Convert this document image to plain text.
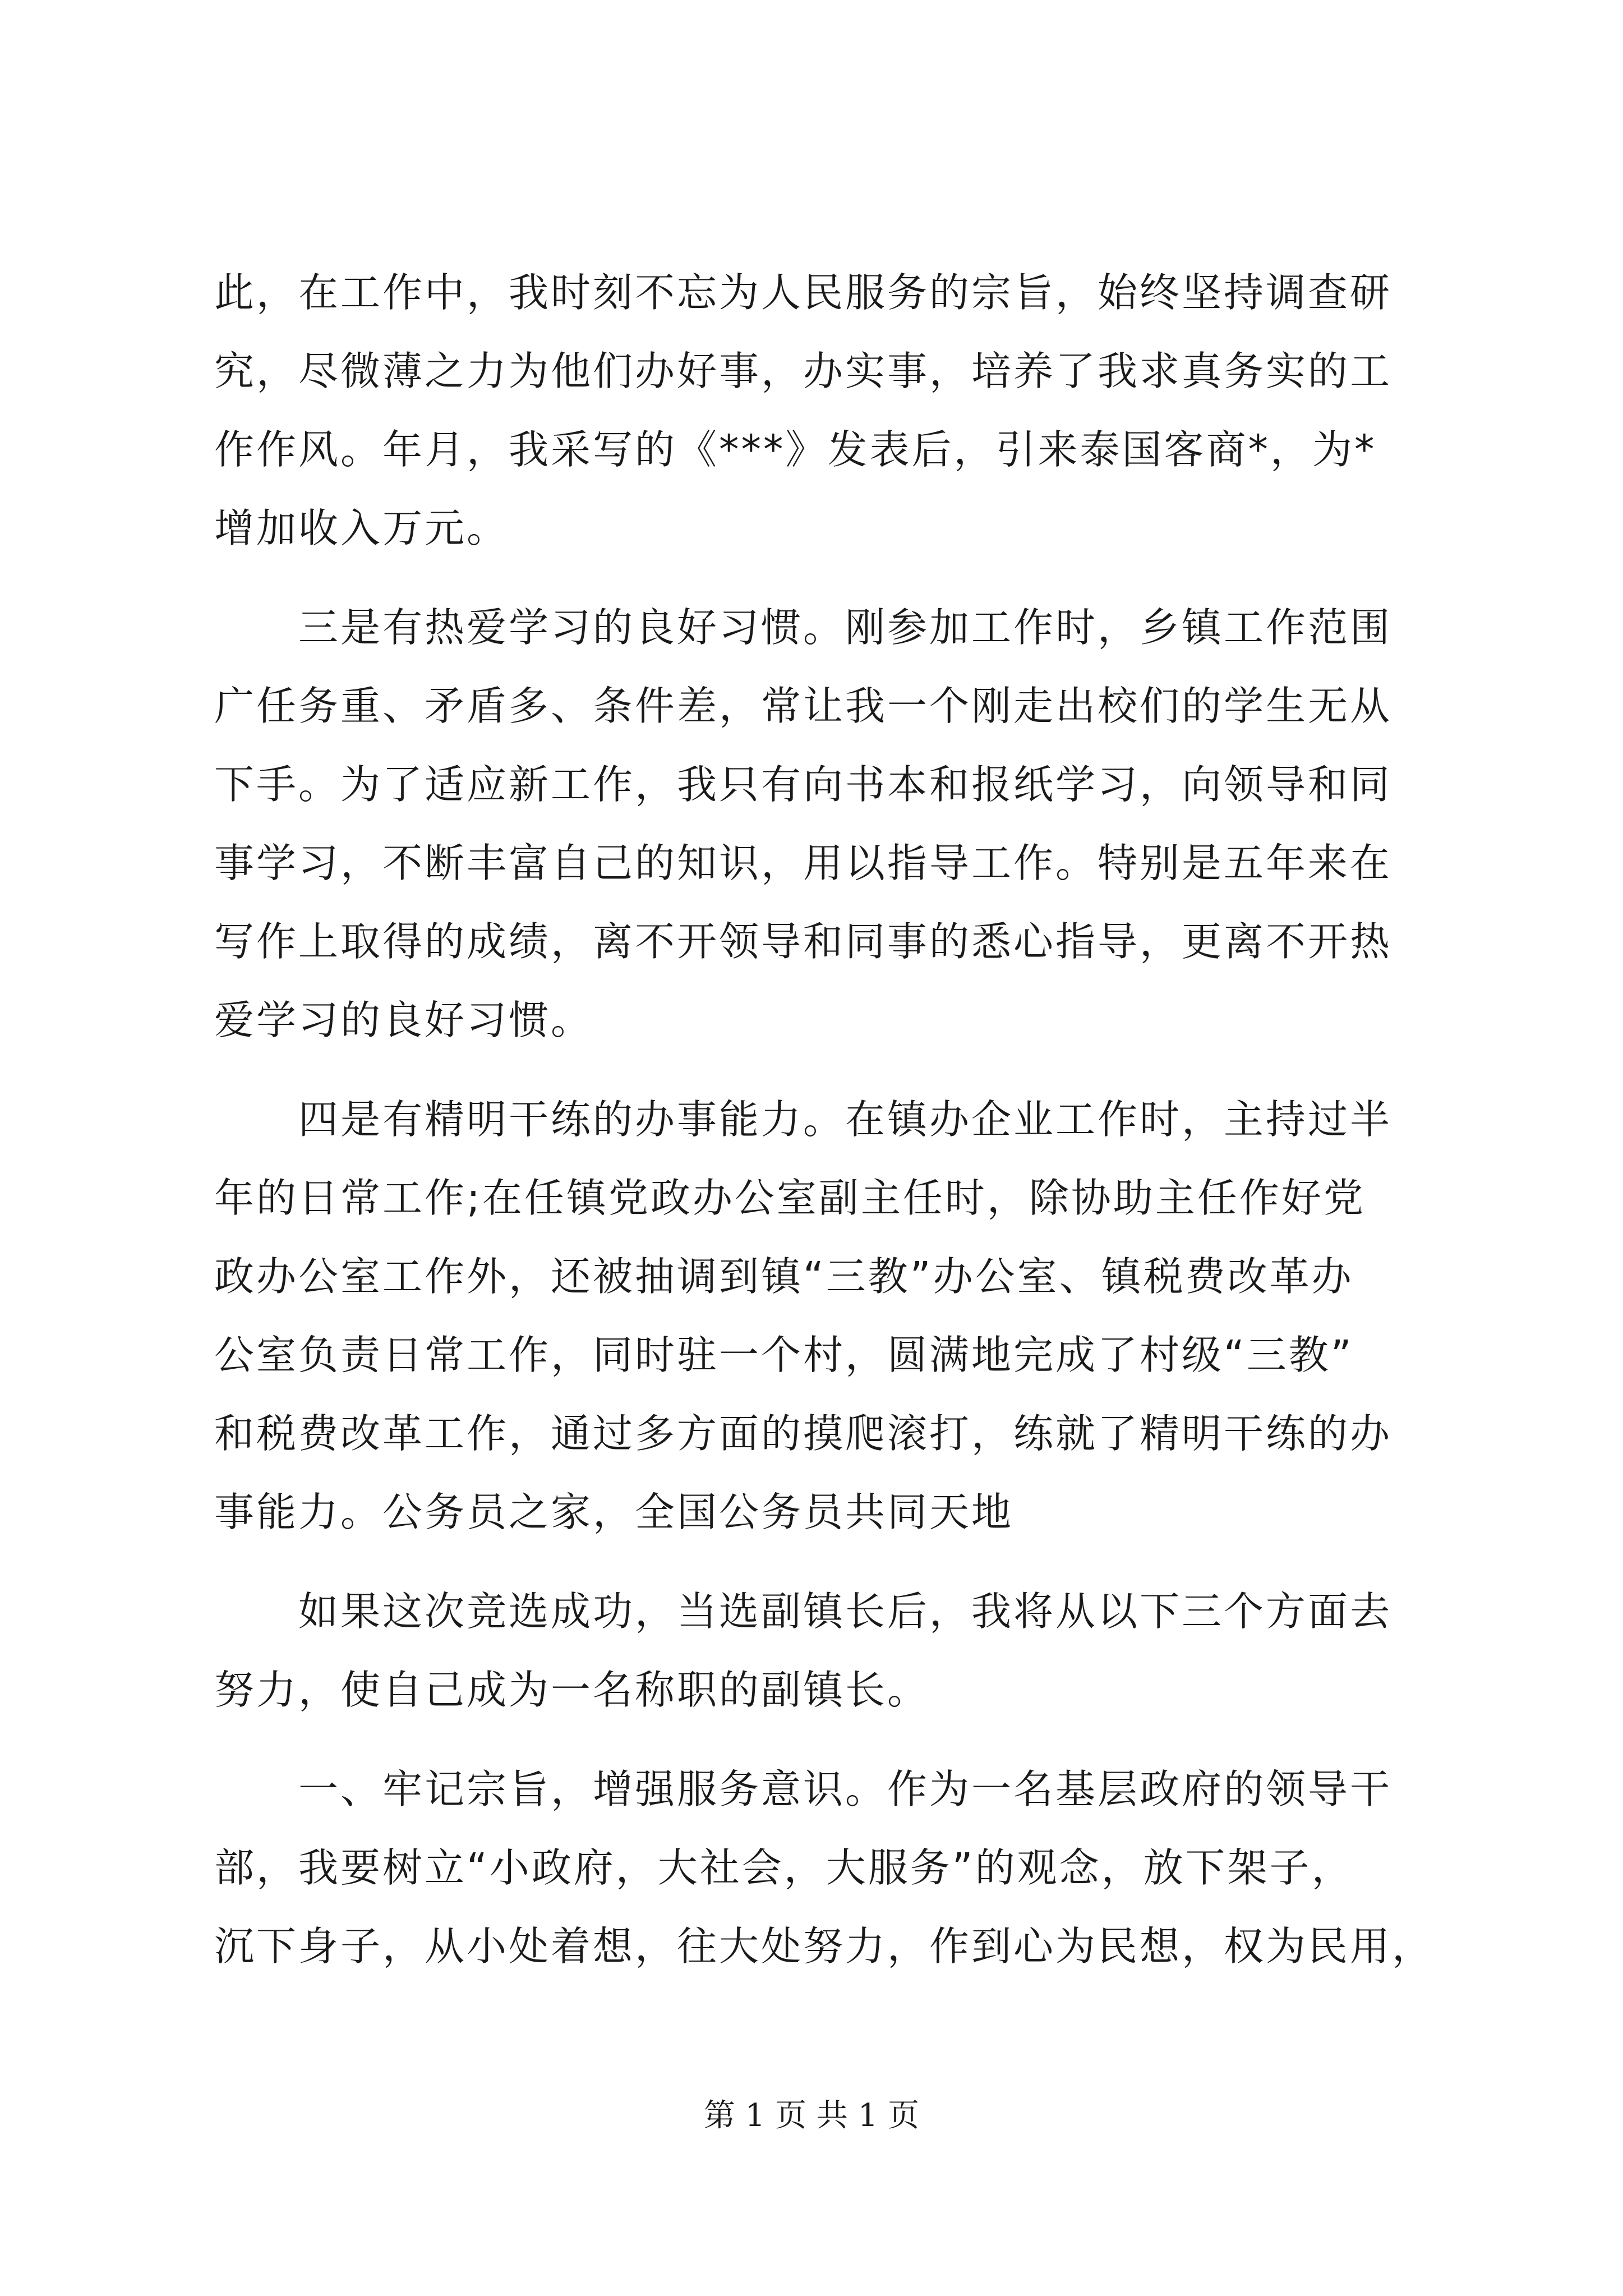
此，在工作中，我时刻不忘为人民服务的宗旨，始终坚持调查研
究，尽微薄之力为他们办好事，办实事，培养了我求真务实的工
作作风。年月，我采写的《***》发表后，引来泰国客商*，为*
增加收入万元。
　　三是有热爱学习的良好习惯。刚参加工作时，乡镇工作范围
广任务重、矛盾多、条件差，常让我一个刚走出校们的学生无从
下手。为了适应新工作，我只有向书本和报纸学习，向领导和同
事学习，不断丰富自己的知识，用以指导工作。特别是五年来在
写作上取得的成绩，离不开领导和同事的悉心指导，更离不开热
爱学习的良好习惯。
　　四是有精明干练的办事能力。在镇办企业工作时，主持过半
年的日常工作;在任镇党政办公室副主任时，除协助主任作好党
政办公室工作外，还被抽调到镇“三教”办公室、镇税费改革办
公室负责日常工作，同时驻一个村，圆满地完成了村级“三教”
和税费改革工作，通过多方面的摸爬滚打，练就了精明干练的办
事能力。公务员之家，全国公务员共同天地
　　如果这次竞选成功，当选副镇长后，我将从以下三个方面去
努力，使自己成为一名称职的副镇长。
　　一、牢记宗旨，增强服务意识。作为一名基层政府的领导干
部，我要树立“小政府，大社会，大服务”的观念，放下架子，
沉下身子，从小处着想，往大处努力，作到心为民想，权为民用，
第 1 页 共 1 页
